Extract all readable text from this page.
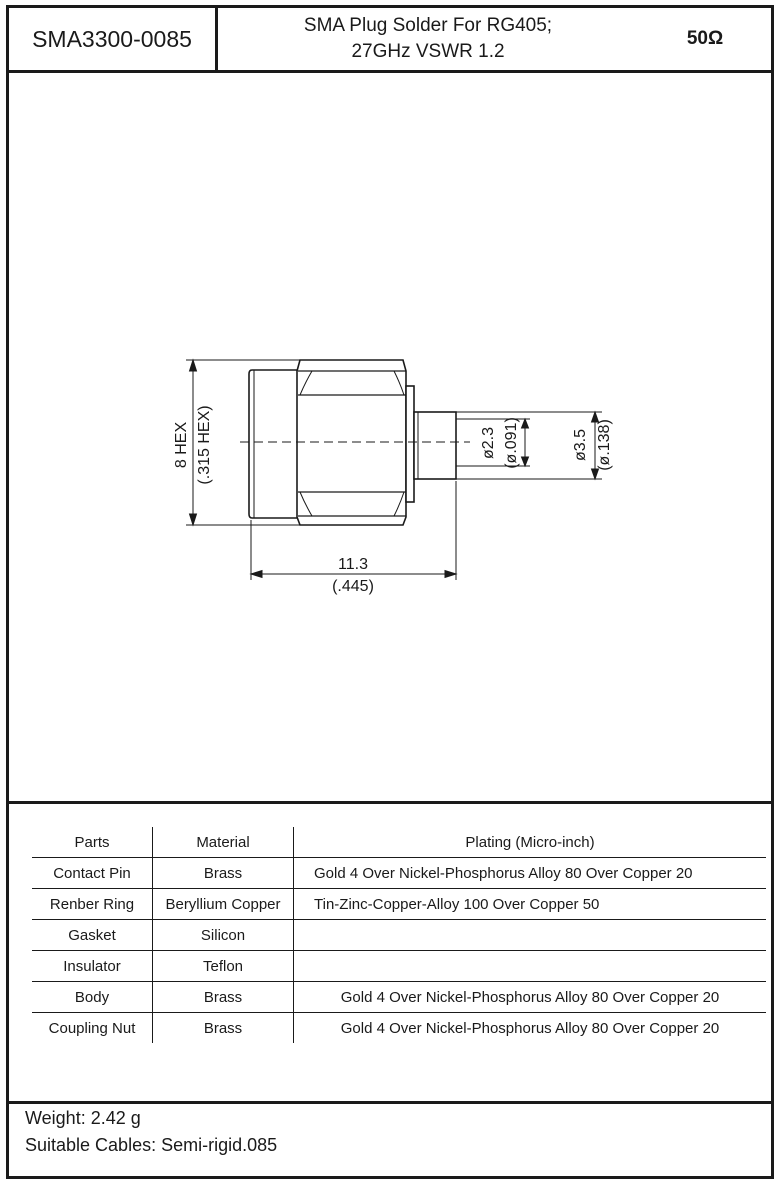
SMA3300-0085	SMA Plug Solder For RG405;
27GHz VSWR 1.2
50Ω
8 HEX (.315 HEX)	ø2.3 (ø.091)	ø3.5 (ø.138)
11.3
(.445)
Parts	Material	Plating (Micro-inch)
Contact Pin	Brass	Gold 4 Over Nickel-Phosphorus Alloy 80 Over Copper 20
Renber Ring	Beryllium Copper	Tin-Zinc-Copper-Alloy 100 Over Copper 50
Gasket	Silicon	
Insulator	Teflon	
Body	Brass	Gold 4 Over Nickel-Phosphorus Alloy 80 Over Copper 20
Coupling Nut	Brass	Gold 4 Over Nickel-Phosphorus Alloy 80 Over Copper 20
Weight: 2.42 g
Suitable Cables: Semi-rigid.085
